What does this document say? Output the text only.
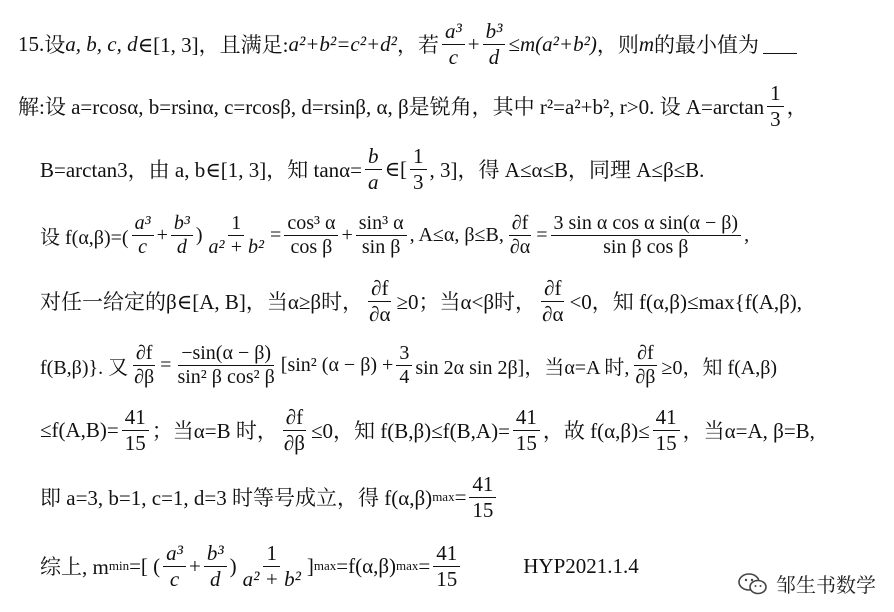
15. 设 a, b, c, d ∈[1, 3]，且满足: a²+b²=c²+d² ，若 $\frac{\text{a³}}{c} + \frac{\text{b³}}{d} \le m(a^2+b^2)$ ，则 m 的最小值为
解:设 a=rcosα, b=rsinα, c=rcosβ, d=rsinβ, α, β是锐角，其中 r²=a²+b², r>0. 设 $A=\arctan \frac{1}{3}$ ，
B=arctan3，由 a, b∈[1, 3]，知 $\tan\alpha= \frac{b}{a}$ ∈[ $\frac{1}{3}$ , 3]，得 A≤α≤B，同理 A≤β≤B.
设 $f(\alpha,\beta)=( \frac{\text{a³}}{c} + \frac{\text{b³}}{d}$ ) $\frac{1}{\text{a² + b²}} = \frac{\text{cos³ α}}{\text{cos β}} + \frac{\text{sin³ α}}{\text{sin β}}$ , A≤α, β≤B, $\frac{\partial f}{\partial\alpha} = \frac{\text{3 sin α cos α sin(α − β)}}{\text{sin β cos β}}$ ,
对任一给定的β∈[A, B]，当α≥β时， $\frac{\partial f}{\partial\alpha} \ge 0$；当α<β时， $\frac{\partial f}{\partial\alpha} <0$，知 f(α,β)≤max{f(A,β),
f(B,β)}. 又 $\frac{\partial f}{\partial\beta} = \frac{-\sin(\alpha - \beta)}{\text{sin² β cos² β}} [\sin^2$ $(\alpha - \beta) + \frac{3}{4}$ sin 2α sin 2β]，当α=A 时, $\frac{\partial f}{\partial\beta} \ge 0$，知 f(A,β)
$\le f(A,B)= \frac{41}{15}$ ；当α=B 时， $\frac{\partial f}{\partial\beta} \le 0$，知 $f(B,\beta)\le f(B,A)= \frac{41}{15}$ ，故 $f(\alpha,\beta)\le \frac{41}{15}$ ，当α=A, β=B,
即 a=3, b=1, c=1, d=3 时等号成立，得 f(α,β) $\max = \frac{41}{15}$
综上, m min =[ ( $\frac{\text{a³}}{c} + \frac{\text{b³}}{d}$ ) $\frac{1}{\text{a² + b²}}$ ] max =f(α,β) $\max = \frac{41}{15}$	HYP2021.1.4
邹生书数学
